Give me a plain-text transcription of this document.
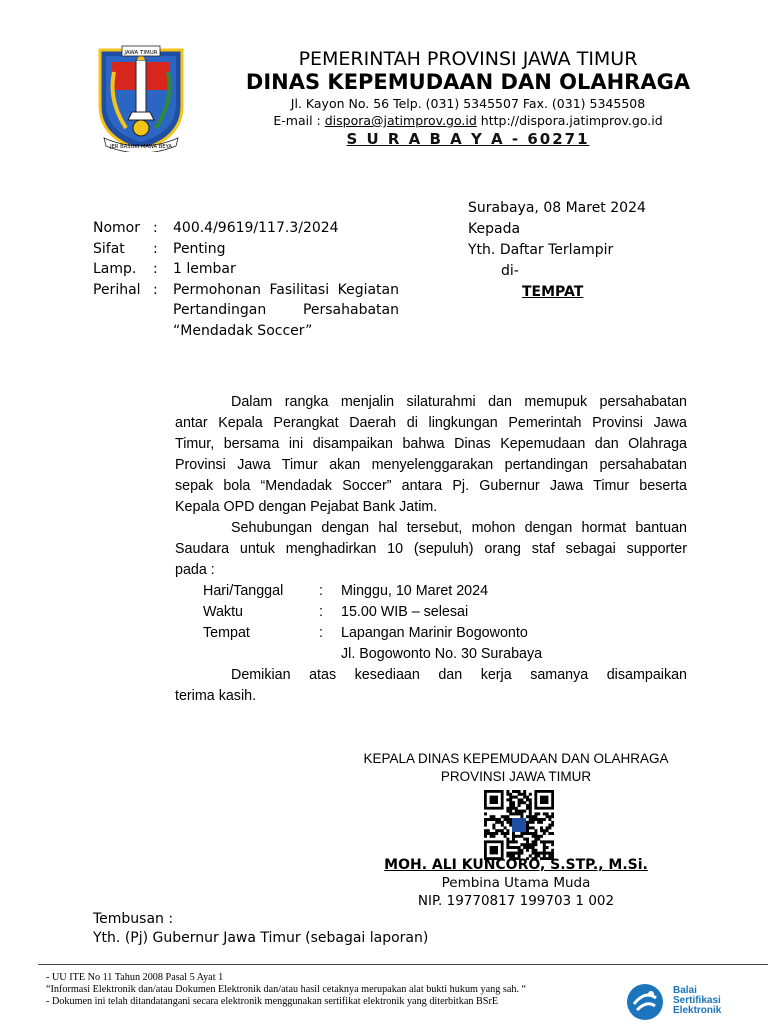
JAWA TIMUR
JER BASUKI MAWA BEYA
PEMERINTAH PROVINSI JAWA TIMUR
DINAS KEPEMUDAAN DAN OLAHRAGA
Jl. Kayon No. 56 Telp. (031) 5345507 Fax. (031) 5345508
E-mail : dispora@jatimprov.go.id http://dispora.jatimprov.go.id
S U R A B A Y A - 60271
Nomor :	400.4/9619/117.3/2024
Sifat	:	Penting
Lamp.	:	1 lembar
Perihal :	Permohonan Fasilitasi Kegiatan
Pertandingan Persahabatan
“Mendadak Soccer”
Surabaya, 08 Maret 2024
Kepada
Yth. Daftar Terlampir
di-
TEMPAT

Dalam rangka menjalin silaturahmi dan memupuk persahabatan

antar Kepala Perangkat Daerah di lingkungan Pemerintah Provinsi Jawa

Timur, bersama ini disampaikan bahwa Dinas Kepemudaan dan Olahraga

Provinsi Jawa Timur akan menyelenggarakan pertandingan persahabatan

sepak bola “Mendadak Soccer” antara Pj. Gubernur Jawa Timur beserta

Kepala OPD dengan Pejabat Bank Jatim.

Sehubungan dengan hal tersebut, mohon dengan hormat bantuan

Saudara untuk menghadirkan 10 (sepuluh) orang staf sebagai supporter

pada :

Hari/Tanggal	:	Minggu, 10 Maret 2024
Waktu	:	15.00 WIB – selesai
Tempat	:	Lapangan Marinir Bogowonto
Jl. Bogowonto No. 30 Surabaya

Demikian atas kesediaan dan kerja samanya disampaikan

terima kasih.

KEPALA DINAS KEPEMUDAAN DAN OLAHRAGA
PROVINSI JAWA TIMUR
MOH. ALI KUNCORO, S.STP., M.Si.
Pembina Utama Muda
NIP. 19770817 199703 1 002
Tembusan :
Yth. (Pj) Gubernur Jawa Timur (sebagai laporan)
- UU ITE No 11 Tahun 2008 Pasal 5 Ayat 1
“Informasi Elektronik dan/atau Dokumen Elektronik dan/atau hasil cetaknya merupakan alat bukti hukum yang sah. “
- Dokumen ini telah ditandatangani secara elektronik menggunakan sertifikat elektronik yang diterbitkan BSrE
Balai
Sertifikasi
Elektronik
